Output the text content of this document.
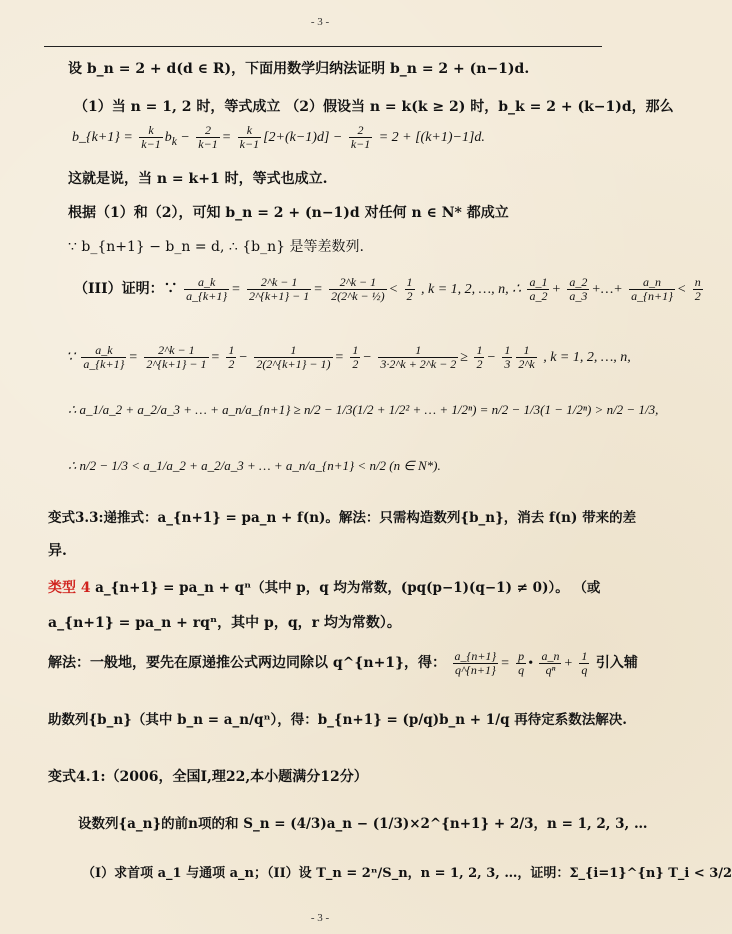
- 3 -
设 b_n = 2 + d(d ∈ R)，下面用数学归纳法证明 b_n = 2 + (n−1)d.
（1）当 n = 1, 2 时，等式成立 （2）假设当 n = k(k ≥ 2) 时，b_k = 2 + (k−1)d，那么
b_{k+1} = $\frac{k}{k-1} b_k - \frac{2}{k-1} = \frac{k}{k-1} [2+(k-1)d] - \frac{2}{k-1} = 2 + [(k+1)-1]d$.
这就是说，当 n = k+1 时，等式也成立.
根据（1）和（2），可知 b_n = 2 + (n−1)d 对任何 n ∈ N* 都成立
∵ b_{n+1} − b_n = d, ∴ {b_n} 是等差数列.
（III）证明：∵ $\frac{a\_k}{a\_\{k+1\}} = \frac{2\^{}k - 1}{2\^{}\{k+1\} - 1} = \frac{2\^{}k - 1}{\text{2(2\textasciicircum{}k − ½)}} < \frac{1}{2}$ , k = 1, 2, …, n, ∴ $\frac{a\_1}{a\_2} + \frac{a\_2}{a\_3}$ +…+ $\frac{a\_n}{a\_\{n+1\}} < \frac{n}{2}$
∵ $\frac{a\_k}{a\_\{k+1\}} = \frac{2\^{}k - 1}{2\^{}\{k+1\} - 1} = \frac{1}{2} - \frac{1}{2(2\^{}\{k+1\} - 1)} = \frac{1}{2} - \frac{1}{3\cdot 2\^{}k + 2\^{}k - 2} \ge \frac{1}{2} - \frac{1}{3} \frac{1}{2\^{}k}$ , k = 1, 2, …, n,
∴ a_1/a_2 + a_2/a_3 + … + a_n/a_{n+1} ≥ n/2 − 1/3(1/2 + 1/2² + … + 1/2ⁿ) = n/2 − 1/3(1 − 1/2ⁿ) > n/2 − 1/3,
∴ n/2 − 1/3 < a_1/a_2 + a_2/a_3 + … + a_n/a_{n+1} < n/2 (n ∈ N*).
变式3.3:递推式：a_{n+1} = pa_n + f(n)。解法：只需构造数列{b_n}，消去 f(n) 带来的差
异.
类型 4 a_{n+1} = pa_n + qⁿ（其中 p，q 均为常数，(pq(p−1)(q−1) ≠ 0)）。 （或
a_{n+1} = pa_n + rqⁿ，其中 p，q，r 均为常数）。
解法：一般地，要先在原递推公式两边同除以 q^{n+1}，得： $\frac{a\_\{n+1\}}{q\^{}\{n+1\}} = \frac{p}{q}$ • $\frac{a\_n}{\text{qⁿ}} + \frac{1}{q}$ 引入辅
助数列{b_n}（其中 b_n = a_n/qⁿ），得：b_{n+1} = (p/q)b_n + 1/q 再待定系数法解决.
变式4.1:（2006，全国I,理22,本小题满分12分）
设数列{a_n}的前n项的和 S_n = (4/3)a_n − (1/3)×2^{n+1} + 2/3，n = 1, 2, 3, …
（I）求首项 a_1 与通项 a_n；（II）设 T_n = 2ⁿ/S_n，n = 1, 2, 3, …，证明：Σ_{i=1}^{n} T_i < 3/2
- 3 -
